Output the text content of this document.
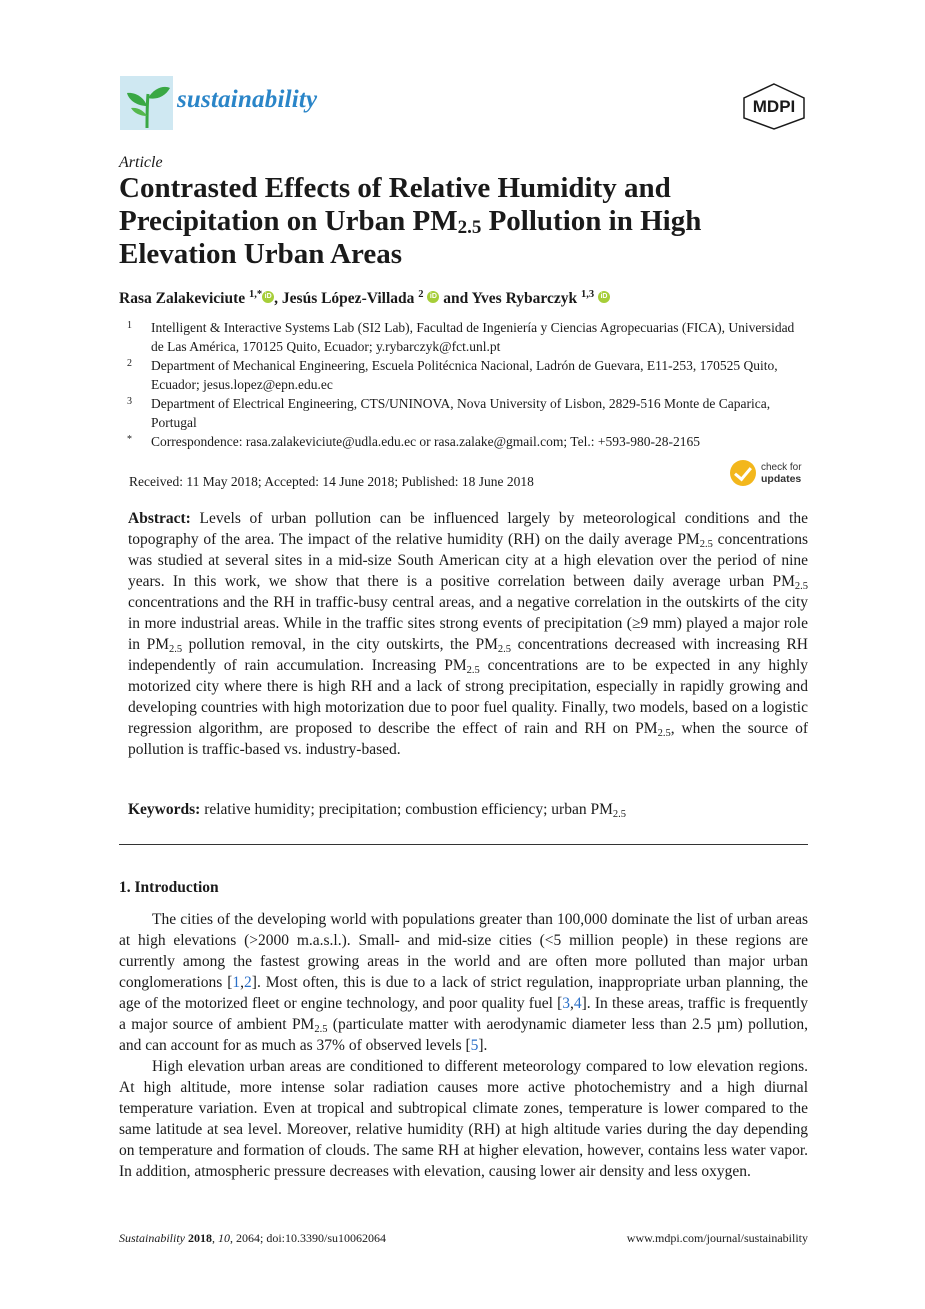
sustainability	MDPI
Article
Contrasted Effects of Relative Humidity and Precipitation on Urban $PM_{2.5}$ Pollution in High Elevation Urban Areas
Rasa Zalakeviciute $^{1,*}$ iD , Jesús López-Villada $^2$ iD and Yves Rybarczyk $^{1,3}$ iD
1	Intelligent & Interactive Systems Lab (SI2 Lab), Facultad de Ingeniería y Ciencias Agropecuarias (FICA), Universidad de Las América, 170125 Quito, Ecuador; y.rybarczyk@fct.unl.pt
2	Department of Mechanical Engineering, Escuela Politécnica Nacional, Ladrón de Guevara, E11-253, 170525 Quito, Ecuador; jesus.lopez@epn.edu.ec
3	Department of Electrical Engineering, CTS/UNINOVA, Nova University of Lisbon, 2829-516 Monte de Caparica, Portugal
*	Correspondence: rasa.zalakeviciute@udla.edu.ec or rasa.zalake@gmail.com; Tel.: +593-980-28-2165
Received: 11 May 2018; Accepted: 14 June 2018; Published: 18 June 2018
check for
updates
Abstract: Levels of urban pollution can be influenced largely by meteorological conditions and the topography of the area. The impact of the relative humidity (RH) on the daily average $PM_{2.5}$ concentrations was studied at several sites in a mid-size South American city at a high elevation over the period of nine years. In this work, we show that there is a positive correlation between daily average urban $PM_{2.5}$ concentrations and the RH in traffic-busy central areas, and a negative correlation in the outskirts of the city in more industrial areas. While in the traffic sites strong events of precipitation (≥9 mm) played a major role in $PM_{2.5}$ pollution removal, in the city outskirts, the $PM_{2.5}$ concentrations decreased with increasing RH independently of rain accumulation. Increasing $PM_{2.5}$ concentrations are to be expected in any highly motorized city where there is high RH and a lack of strong precipitation, especially in rapidly growing and developing countries with high motorization due to poor fuel quality. Finally, two models, based on a logistic regression algorithm, are proposed to describe the effect of rain and RH on $PM_{2.5}$, when the source of pollution is traffic-based vs. industry-based.
Keywords: relative humidity; precipitation; combustion efficiency; urban $PM_{2.5}$
1. Introduction

The cities of the developing world with populations greater than 100,000 dominate the list of urban areas at high elevations (>2000 m.a.s.l.). Small- and mid-size cities (<5 million people) in these regions are currently among the fastest growing areas in the world and are often more polluted than major urban conglomerations [1,2]. Most often, this is due to a lack of strict regulation, inappropriate urban planning, the age of the motorized fleet or engine technology, and poor quality fuel [3,4]. In these areas, traffic is frequently a major source of ambient $PM_{2.5}$ (particulate matter with aerodynamic diameter less than 2.5 µm) pollution, and can account for as much as 37% of observed levels [5].

High elevation urban areas are conditioned to different meteorology compared to low elevation regions. At high altitude, more intense solar radiation causes more active photochemistry and a high diurnal temperature variation. Even at tropical and subtropical climate zones, temperature is lower compared to the same latitude at sea level. Moreover, relative humidity (RH) at high altitude varies during the day depending on temperature and formation of clouds. The same RH at higher elevation, however, contains less water vapor. In addition, atmospheric pressure decreases with elevation, causing lower air density and less oxygen.

Sustainability 2018, 10, 2064; doi:10.3390/su10062064	www.mdpi.com/journal/sustainability
